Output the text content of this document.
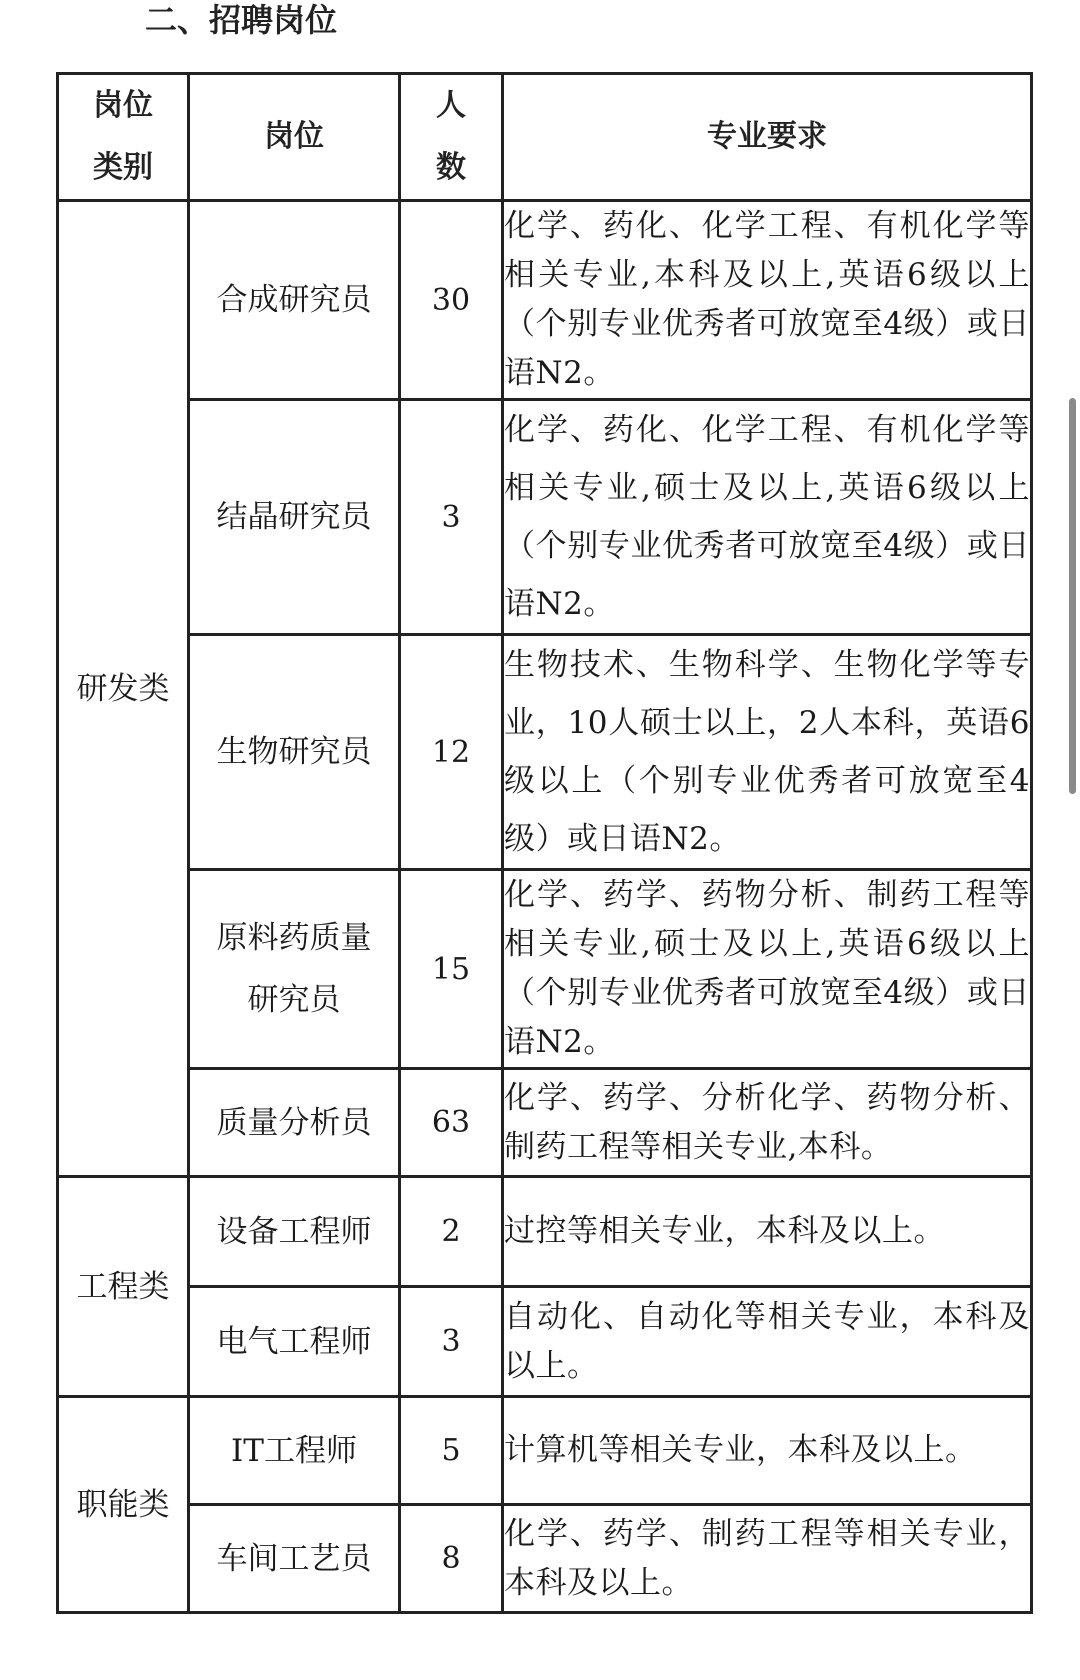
二、招聘岗位
岗位类别	岗位	人数	专业要求
研发类	合成研究员	30	化学、药化、化学工程、有机化学等相关专业,本科及以上,英语6级以上（个别专业优秀者可放宽至4级）或日语N2。
	结晶研究员	3	化学、药化、化学工程、有机化学等相关专业,硕士及以上,英语6级以上（个别专业优秀者可放宽至4级）或日语N2。
	生物研究员	12	生物技术、生物科学、生物化学等专业，10人硕士以上，2人本科，英语6级以上（个别专业优秀者可放宽至4级）或日语N2。
	原料药质量研究员	15	化学、药学、药物分析、制药工程等相关专业,硕士及以上,英语6级以上（个别专业优秀者可放宽至4级）或日语N2。
	质量分析员	63	化学、药学、分析化学、药物分析、制药工程等相关专业,本科。
工程类	设备工程师	2	过控等相关专业，本科及以上。
	电气工程师	3	自动化、自动化等相关专业，本科及以上。
职能类	IT工程师	5	计算机等相关专业，本科及以上。
	车间工艺员	8	化学、药学、制药工程等相关专业，本科及以上。
